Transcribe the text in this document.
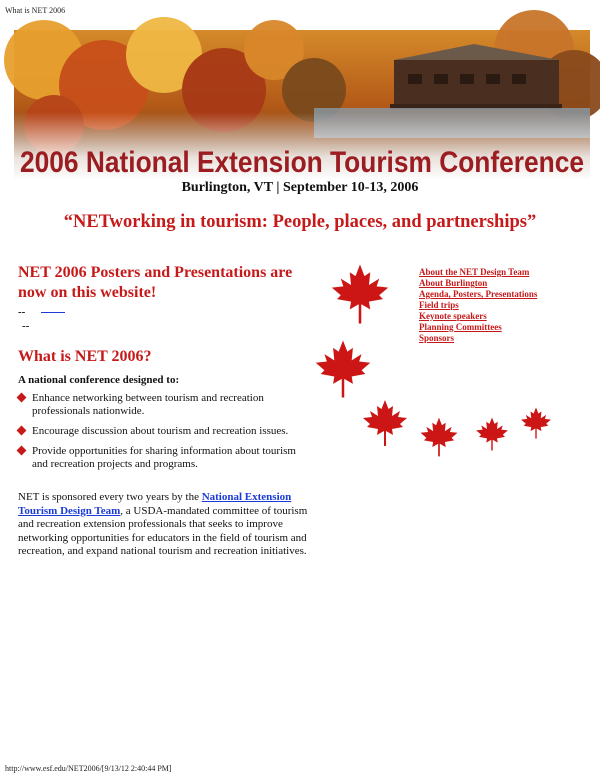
What is NET 2006
2006 National Extension Tourism Conference
Burlington, VT | September 10-13, 2006
“NETworking in tourism: People, places, and partnerships”
NET 2006 Posters and Presentations are now on this website!
--
--
What is NET 2006?
A national conference designed to:
Enhance networking between tourism and recreation professionals nationwide.
Encourage discussion about tourism and recreation issues.
Provide opportunities for sharing information about tourism and recreation projects and programs.
NET is sponsored every two years by the National Extension Tourism Design Team, a USDA-mandated committee of tourism and recreation extension professionals that seeks to improve networking opportunities for educators in the field of tourism and recreation, and expand national tourism and recreation initiatives.
About the NET Design Team
About Burlington
Agenda, Posters, Presentations
Field trips
Keynote speakers
Planning Committees
Sponsors
http://www.esf.edu/NET2006/[9/13/12 2:40:44 PM]
